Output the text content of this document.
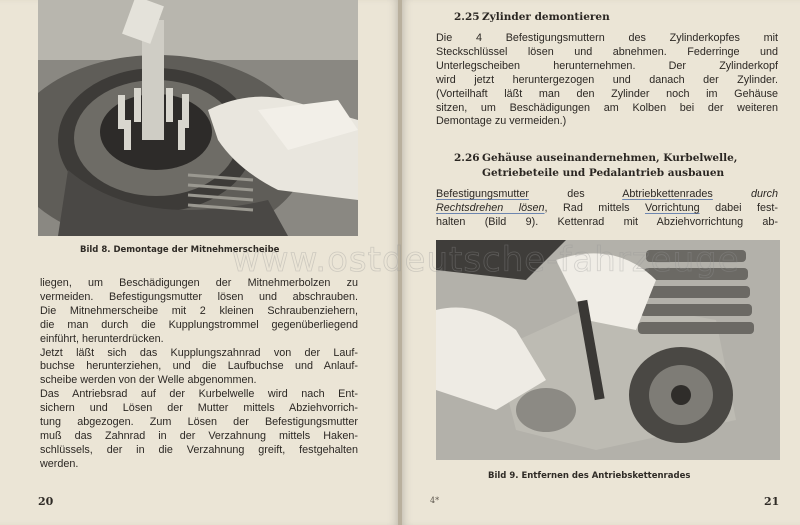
Bild 8. Demontage der Mitnehmerscheibe
liegen, um Beschädigungen der Mitnehmerbolzen zu
vermeiden. Befestigungsmutter lösen und abschrauben.
Die Mitnehmerscheibe mit 2 kleinen Schraubenziehern,
die man durch die Kupplungstrommel gegenüberliegend
einführt, herunterdrücken.
Jetzt läßt sich das Kupplungszahnrad von der Lauf-
buchse herunterziehen, und die Laufbuchse und Anlauf-
scheibe werden von der Welle abgenommen.
Das Antriebsrad auf der Kurbelwelle wird nach Ent-
sichern und Lösen der Mutter mittels Abziehvorrich-
tung abgezogen. Zum Lösen der Befestigungsmutter
muß das Zahnrad in der Verzahnung mittels Haken-
schlüssels, der in die Verzahnung greift, festgehalten
werden.
20
2.25 Zylinder demontieren
Die 4 Befestigungsmuttern des Zylinderkopfes mit
Steckschlüssel lösen und abnehmen. Federringe und
Unterlegscheiben herunternehmen. Der Zylinderkopf
wird jetzt heruntergezogen und danach der Zylinder.
(Vorteilhaft läßt man den Zylinder noch im Gehäuse
sitzen, um Beschädigungen am Kolben bei der weiteren
Demontage zu vermeiden.)
2.26 Gehäuse auseinandernehmen, Kurbelwelle,
Getriebeteile und Pedalantrieb ausbauen
Befestigungsmutter des Abtriebkettenrades durch
Rechtsdrehen lösen, Rad mittels Vorrichtung dabei fest-
halten (Bild 9). Kettenrad mit Abziehvorrichtung ab-
Bild 9. Entfernen des Antriebskettenrades
4*	21
www.ostdeutsche-fahrzeuge
